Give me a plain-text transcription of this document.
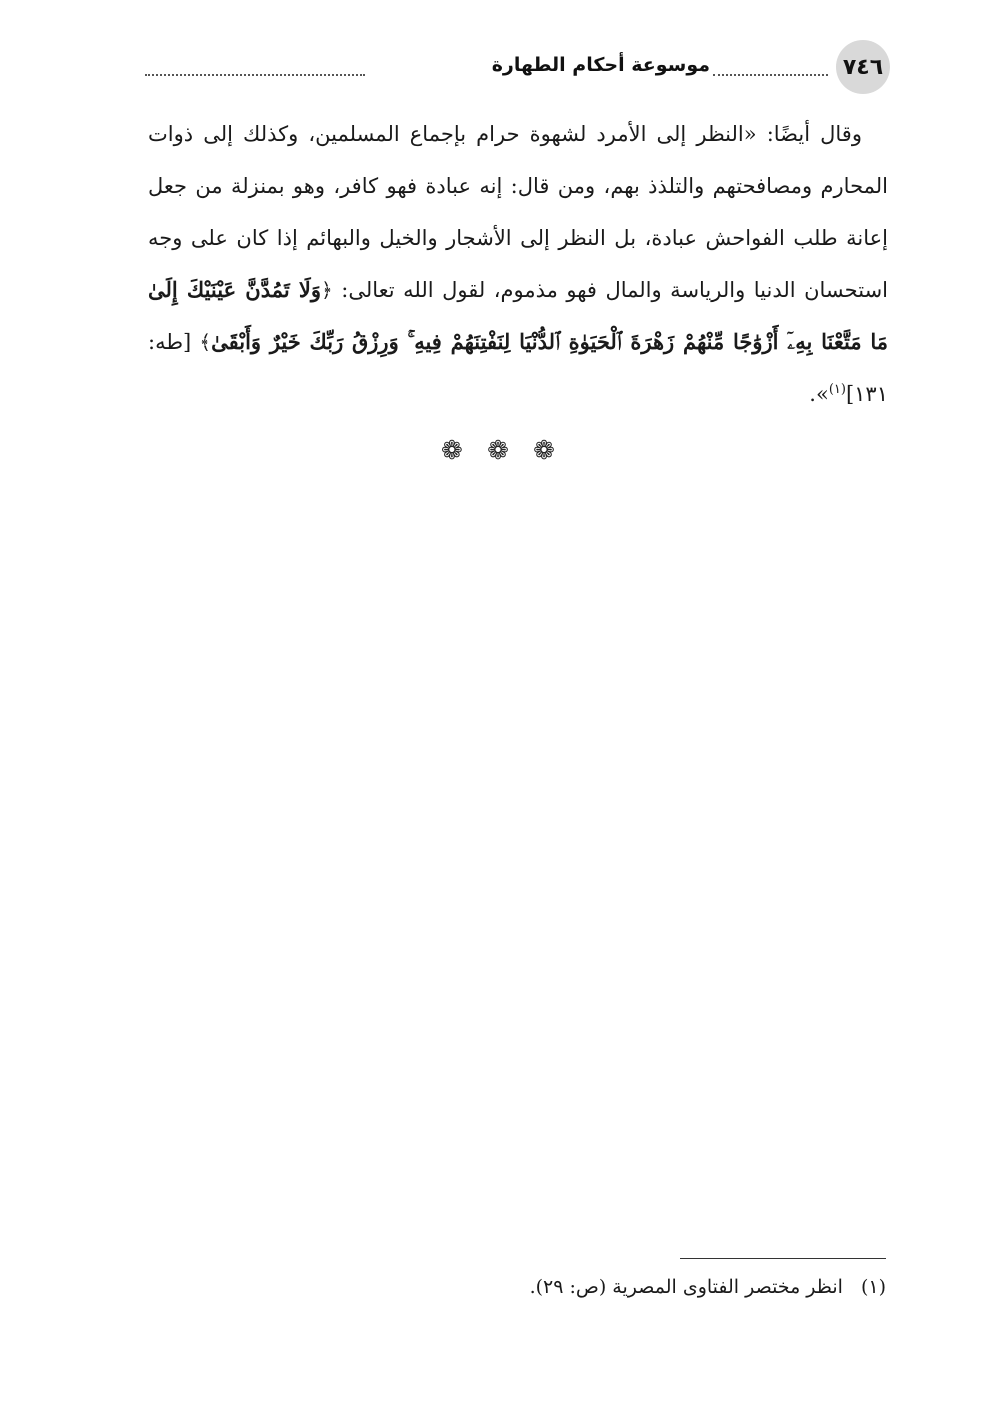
٧٤٦
موسوعة أحكام الطهارة

وقال أيضًا: «النظر إلى الأمرد لشهوة حرام بإجماع المسلمين، وكذلك إلى ذوات المحارم ومصافحتهم والتلذذ بهم، ومن قال: إنه عبادة فهو كافر، وهو بمنزلة من جعل إعانة طلب الفواحش عبادة، بل النظر إلى الأشجار والخيل والبهائم إذا كان على وجه استحسان الدنيا والرياسة والمال فهو مذموم، لقول الله تعالى: ﴿وَلَا تَمُدَّنَّ عَيْنَيْكَ إِلَىٰ مَا مَتَّعْنَا بِهِۦٓ أَزْوَٰجًا مِّنْهُمْ زَهْرَةَ ٱلْحَيَوٰةِ ٱلدُّنْيَا لِنَفْتِنَهُمْ فِيهِ ۚ وَرِزْقُ رَبِّكَ خَيْرٌ وَأَبْقَىٰ﴾ [طه: ١٣١]$^{(١)}$».

❁ ❁ ❁
(١)انظر مختصر الفتاوى المصرية (ص: ٢٩).
